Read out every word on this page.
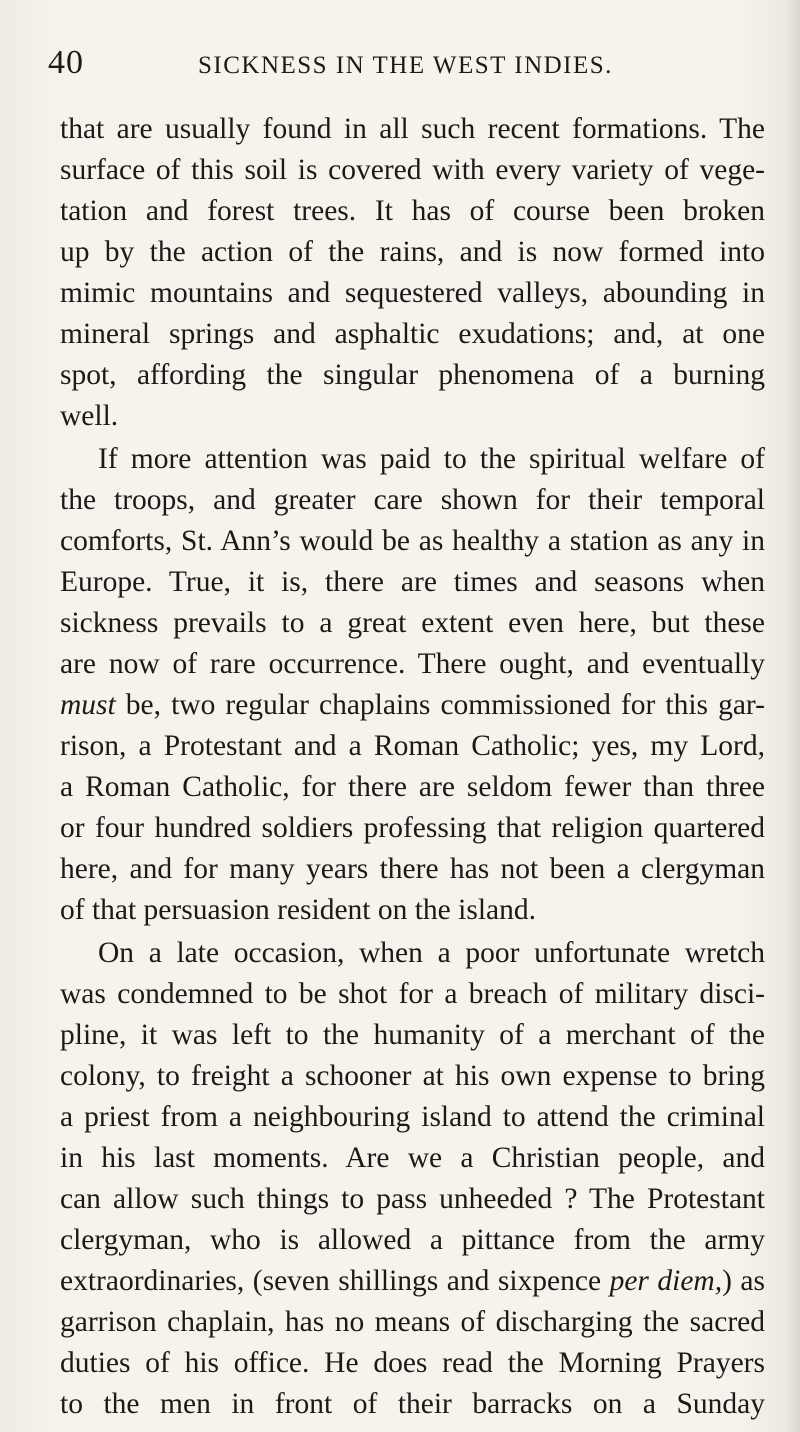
40	SICKNESS IN THE WEST INDIES.
that are usually found in all such recent formations. The
surface of this soil is covered with every variety of vege-
tation and forest trees. It has of course been broken
up by the action of the rains, and is now formed into
mimic mountains and sequestered valleys, abounding in
mineral springs and asphaltic exudations; and, at one
spot, affording the singular phenomena of a burning
well.
If more attention was paid to the spiritual welfare of
the troops, and greater care shown for their temporal
comforts, St. Ann’s would be as healthy a station as any in
Europe. True, it is, there are times and seasons when
sickness prevails to a great extent even here, but these
are now of rare occurrence. There ought, and eventually
must be, two regular chaplains commissioned for this gar-
rison, a Protestant and a Roman Catholic; yes, my Lord,
a Roman Catholic, for there are seldom fewer than three
or four hundred soldiers professing that religion quartered
here, and for many years there has not been a clergyman
of that persuasion resident on the island.
On a late occasion, when a poor unfortunate wretch
was condemned to be shot for a breach of military disci-
pline, it was left to the humanity of a merchant of the
colony, to freight a schooner at his own expense to bring
a priest from a neighbouring island to attend the criminal
in his last moments. Are we a Christian people, and
can allow such things to pass unheeded ? The Protestant
clergyman, who is allowed a pittance from the army
extraordinaries, (seven shillings and sixpence per diem,) as
garrison chaplain, has no means of discharging the sacred
duties of his office. He does read the Morning Prayers
to the men in front of their barracks on a Sunday
